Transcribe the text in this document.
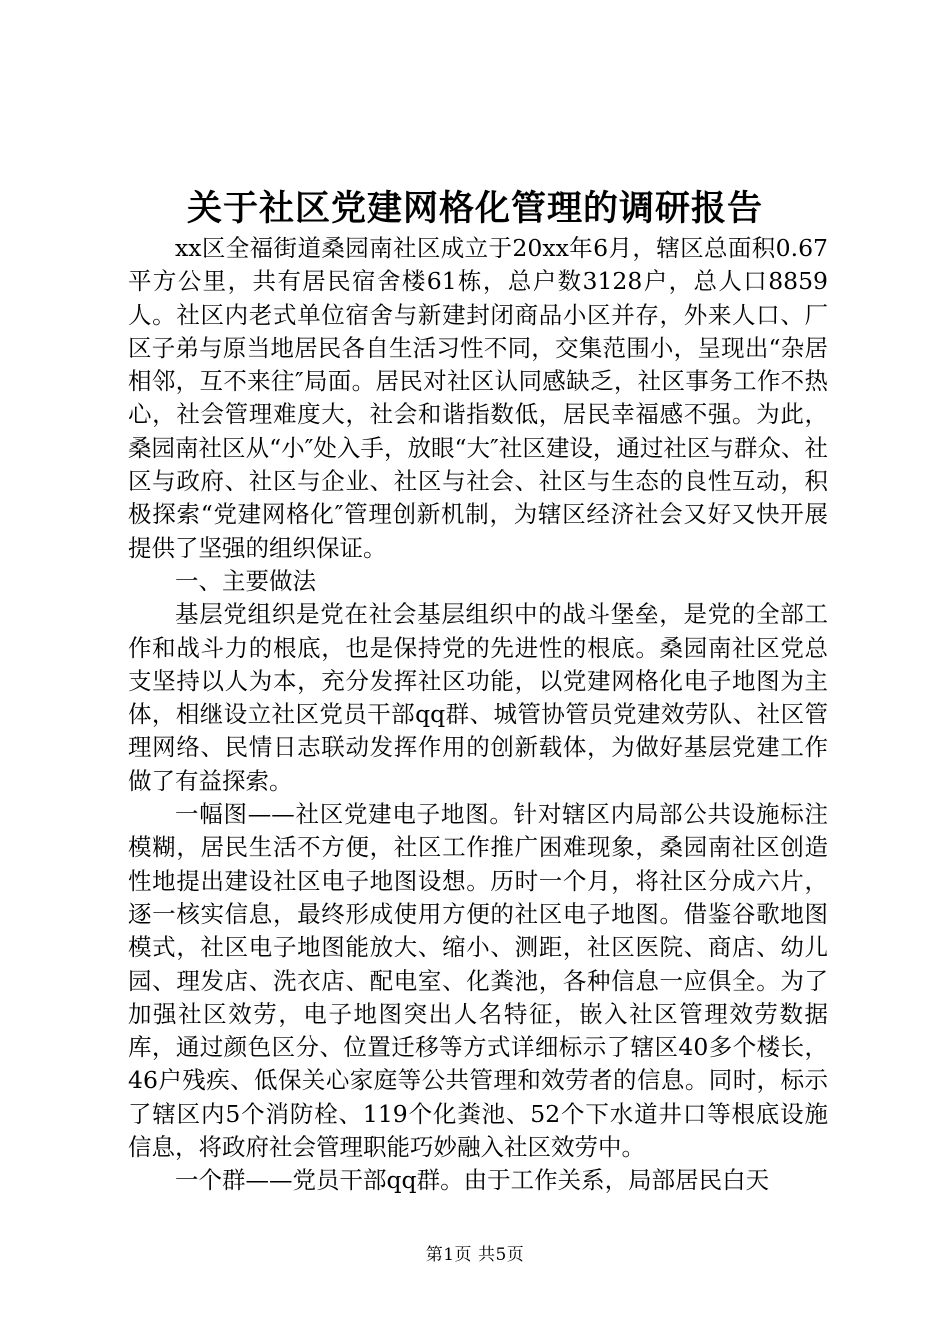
关于社区党建网格化管理的调研报告

xx区全福街道桑园南社区成立于20xx年6月，辖区总面积0.67平方公里，共有居民宿舍楼61栋，总户数3128户，总人口8859人。社区内老式单位宿舍与新建封闭商品小区并存，外来人口、厂区子弟与原当地居民各自生活习性不同，交集范围小，呈现出“杂居相邻，互不来往″局面。居民对社区认同感缺乏，社区事务工作不热心，社会管理难度大，社会和谐指数低，居民幸福感不强。为此，桑园南社区从“小″处入手，放眼“大″社区建设，通过社区与群众、社区与政府、社区与企业、社区与社会、社区与生态的良性互动，积极探索“党建网格化″管理创新机制，为辖区经济社会又好又快开展提供了坚强的组织保证。

一、主要做法

基层党组织是党在社会基层组织中的战斗堡垒，是党的全部工作和战斗力的根底，也是保持党的先进性的根底。桑园南社区党总支坚持以人为本，充分发挥社区功能，以党建网格化电子地图为主体，相继设立社区党员干部qq群、城管协管员党建效劳队、社区管理网络、民情日志联动发挥作用的创新载体，为做好基层党建工作做了有益探索。

一幅图——社区党建电子地图。针对辖区内局部公共设施标注模糊，居民生活不方便，社区工作推广困难现象，桑园南社区创造性地提出建设社区电子地图设想。历时一个月，将社区分成六片，逐一核实信息，最终形成使用方便的社区电子地图。借鉴谷歌地图模式，社区电子地图能放大、缩小、测距，社区医院、商店、幼儿园、理发店、洗衣店、配电室、化粪池，各种信息一应俱全。为了加强社区效劳，电子地图突出人名特征，嵌入社区管理效劳数据库，通过颜色区分、位置迁移等方式详细标示了辖区40多个楼长，46户残疾、低保关心家庭等公共管理和效劳者的信息。同时，标示了辖区内5个消防栓、119个化粪池、52个下水道井口等根底设施信息，将政府社会管理职能巧妙融入社区效劳中。

一个群——党员干部qq群。由于工作关系，局部居民白天

第1页 共5页
